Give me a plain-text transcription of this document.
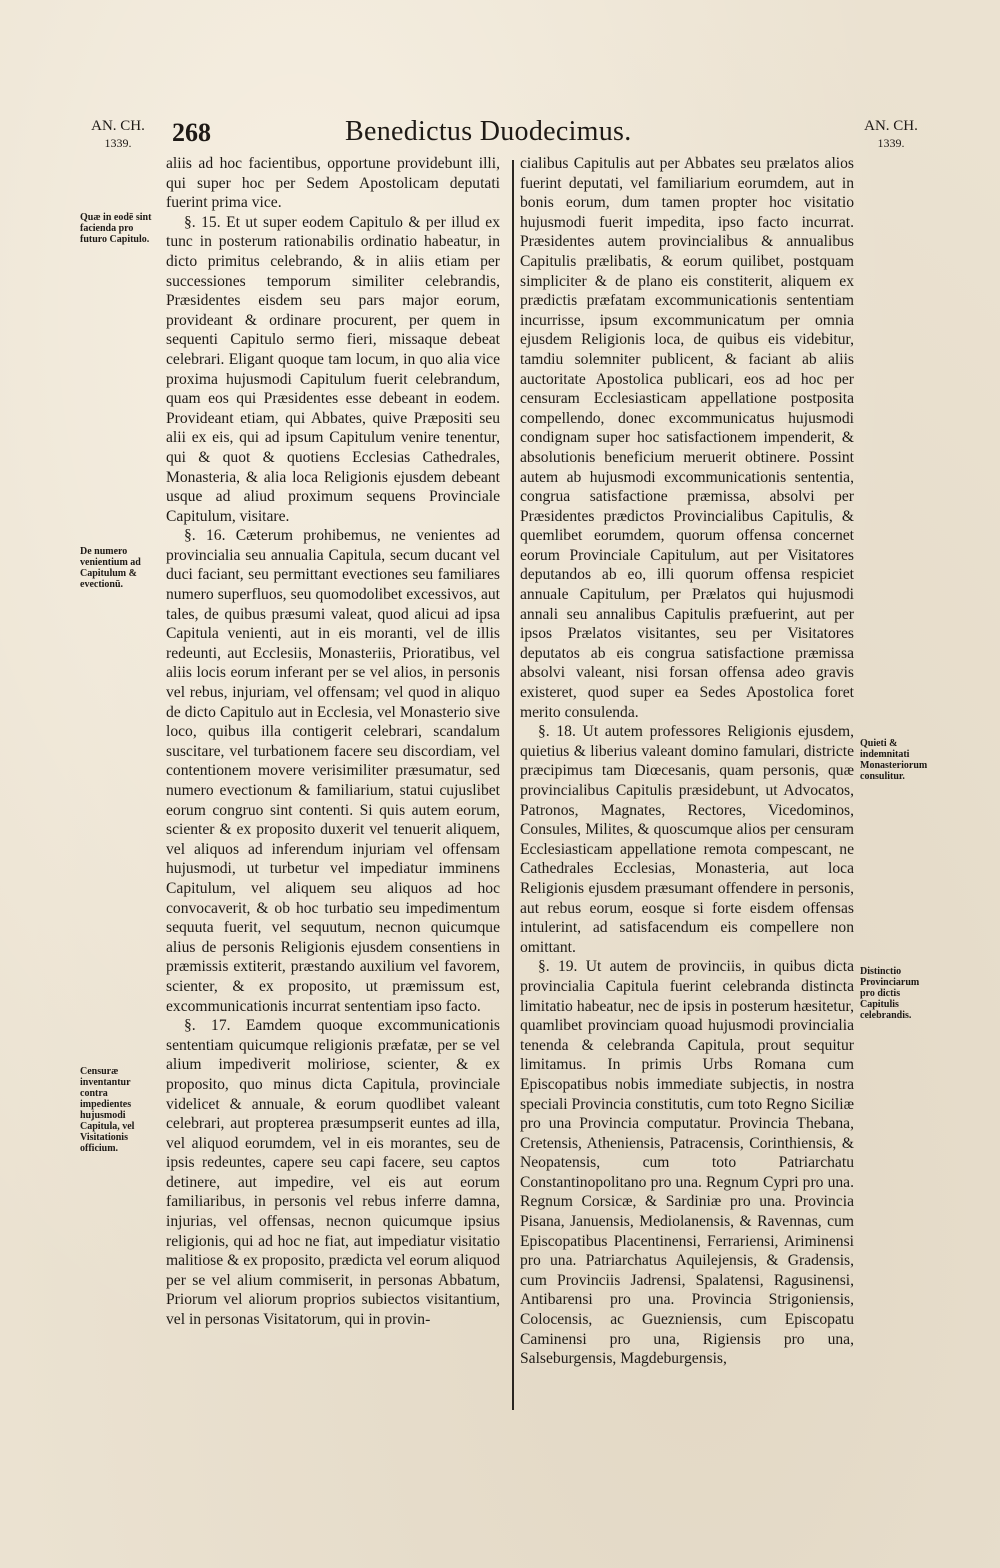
AN. CH.
1339.	268	Benedictus Duodecimus.	AN. CH.
1339.
Quæ in eodē sint facienda pro futuro Capitulo.
De numero venientium ad Capitulum & evectionū.
Censuræ inventantur contra impedientes hujusmodi Capitula, vel Visitationis officium.
Quieti & indemnitati Monasteriorum consulitur.
Distinctio Provinciarum pro dictis Capitulis celebrandis.

aliis ad hoc facientibus, opportune providebunt illi, qui super hoc per Sedem Apostolicam deputati fuerint prima vice.

§. 15. Et ut super eodem Capitulo & per illud ex tunc in posterum rationabilis ordinatio habeatur, in dicto primitus celebrando, & in aliis etiam per successiones temporum similiter celebrandis, Præsidentes eisdem seu pars major eorum, provideant & ordinare procurent, per quem in sequenti Capitulo sermo fieri, missaque debeat celebrari. Eligant quoque tam locum, in quo alia vice proxima hujusmodi Capitulum fuerit celebrandum, quam eos qui Præsidentes esse debeant in eodem. Provideant etiam, qui Abbates, quive Præpositi seu alii ex eis, qui ad ipsum Capitulum venire tenentur, qui & quot & quotiens Ecclesias Cathedrales, Monasteria, & alia loca Religionis ejusdem debeant usque ad aliud proximum sequens Provinciale Capitulum, visitare.

§. 16. Cæterum prohibemus, ne venientes ad provincialia seu annualia Capitula, secum ducant vel duci faciant, seu permittant evectiones seu familiares numero superfluos, seu quomodolibet excessivos, aut tales, de quibus præsumi valeat, quod alicui ad ipsa Capitula venienti, aut in eis moranti, vel de illis redeunti, aut Ecclesiis, Monasteriis, Prioratibus, vel aliis locis eorum inferant per se vel alios, in personis vel rebus, injuriam, vel offensam; vel quod in aliquo de dicto Capitulo aut in Ecclesia, vel Monasterio sive loco, quibus illa contigerit celebrari, scandalum suscitare, vel turbationem facere seu discordiam, vel contentionem movere verisimiliter præsumatur, sed numero evectionum & familiarium, statui cujuslibet eorum congruo sint contenti. Si quis autem eorum, scienter & ex proposito duxerit vel tenuerit aliquem, vel aliquos ad inferendum injuriam vel offensam hujusmodi, ut turbetur vel impediatur imminens Capitulum, vel aliquem seu aliquos ad hoc convocaverit, & ob hoc turbatio seu impedimentum sequuta fuerit, vel sequutum, necnon quicumque alius de personis Religionis ejusdem consentiens in præmissis extiterit, præstando auxilium vel favorem, scienter, & ex proposito, ut præmissum est, excommunicationis incurrat sententiam ipso facto.

§. 17. Eamdem quoque excommunicationis sententiam quicumque religionis præfatæ, per se vel alium impediverit moliriose, scienter, & ex proposito, quo minus dicta Capitula, provinciale videlicet & annuale, & eorum quodlibet valeant celebrari, aut propterea præsumpserit euntes ad illa, vel aliquod eorumdem, vel in eis morantes, seu de ipsis redeuntes, capere seu capi facere, seu captos detinere, aut impedire, vel eis aut eorum familiaribus, in personis vel rebus inferre damna, injurias, vel offensas, necnon quicumque ipsius religionis, qui ad hoc ne fiat, aut impediatur visitatio malitiose & ex proposito, prædicta vel eorum aliquod per se vel alium commiserit, in personas Abbatum, Priorum vel aliorum proprios subiectos visitantium, vel in personas Visitatorum, qui in provin-

cialibus Capitulis aut per Abbates seu prælatos alios fuerint deputati, vel familiarium eorumdem, aut in bonis eorum, dum tamen propter hoc visitatio hujusmodi fuerit impedita, ipso facto incurrat. Præsidentes autem provincialibus & annualibus Capitulis prælibatis, & eorum quilibet, postquam simpliciter & de plano eis constiterit, aliquem ex prædictis præfatam excommunicationis sententiam incurrisse, ipsum excommunicatum per omnia ejusdem Religionis loca, de quibus eis videbitur, tamdiu solemniter publicent, & faciant ab aliis auctoritate Apostolica publicari, eos ad hoc per censuram Ecclesiasticam appellatione postposita compellendo, donec excommunicatus hujusmodi condignam super hoc satisfactionem impenderit, & absolutionis beneficium meruerit obtinere. Possint autem ab hujusmodi excommunicationis sententia, congrua satisfactione præmissa, absolvi per Præsidentes prædictos Provincialibus Capitulis, & quemlibet eorumdem, quorum offensa concernet eorum Provinciale Capitulum, aut per Visitatores deputandos ab eo, illi quorum offensa respiciet annuale Capitulum, per Prælatos qui hujusmodi annali seu annalibus Capitulis præfuerint, aut per ipsos Prælatos visitantes, seu per Visitatores deputatos ab eis congrua satisfactione præmissa absolvi valeant, nisi forsan offensa adeo gravis existeret, quod super ea Sedes Apostolica foret merito consulenda.

§. 18. Ut autem professores Religionis ejusdem, quietius & liberius valeant domino famulari, districte præcipimus tam Diœcesanis, quam personis, quæ provincialibus Capitulis præsidebunt, ut Advocatos, Patronos, Magnates, Rectores, Vicedominos, Consules, Milites, & quoscumque alios per censuram Ecclesiasticam appellatione remota compescant, ne Cathedrales Ecclesias, Monasteria, aut loca Religionis ejusdem præsumant offendere in personis, aut rebus eorum, eosque si forte eisdem offensas intulerint, ad satisfacendum eis compellere non omittant.

§. 19. Ut autem de provinciis, in quibus dicta provincialia Capitula fuerint celebranda distincta limitatio habeatur, nec de ipsis in posterum hæsitetur, quamlibet provinciam quoad hujusmodi provincialia tenenda & celebranda Capitula, prout sequitur limitamus. In primis Urbs Romana cum Episcopatibus nobis immediate subjectis, in nostra speciali Provincia constitutis, cum toto Regno Siciliæ pro una Provincia computatur. Provincia Thebana, Cretensis, Atheniensis, Patracensis, Corinthiensis, & Neopatensis, cum toto Patriarchatu Constantinopolitano pro una. Regnum Cypri pro una. Regnum Corsicæ, & Sardiniæ pro una. Provincia Pisana, Januensis, Mediolanensis, & Ravennas, cum Episcopatibus Placentinensi, Ferrariensi, Ariminensi pro una. Patriarchatus Aquilejensis, & Gradensis, cum Provinciis Jadrensi, Spalatensi, Ragusinensi, Antibarensi pro una. Provincia Strigoniensis, Colocensis, ac Guezniensis, cum Episcopatu Caminensi pro una, Rigiensis pro una, Salseburgensis, Magdeburgensis,
